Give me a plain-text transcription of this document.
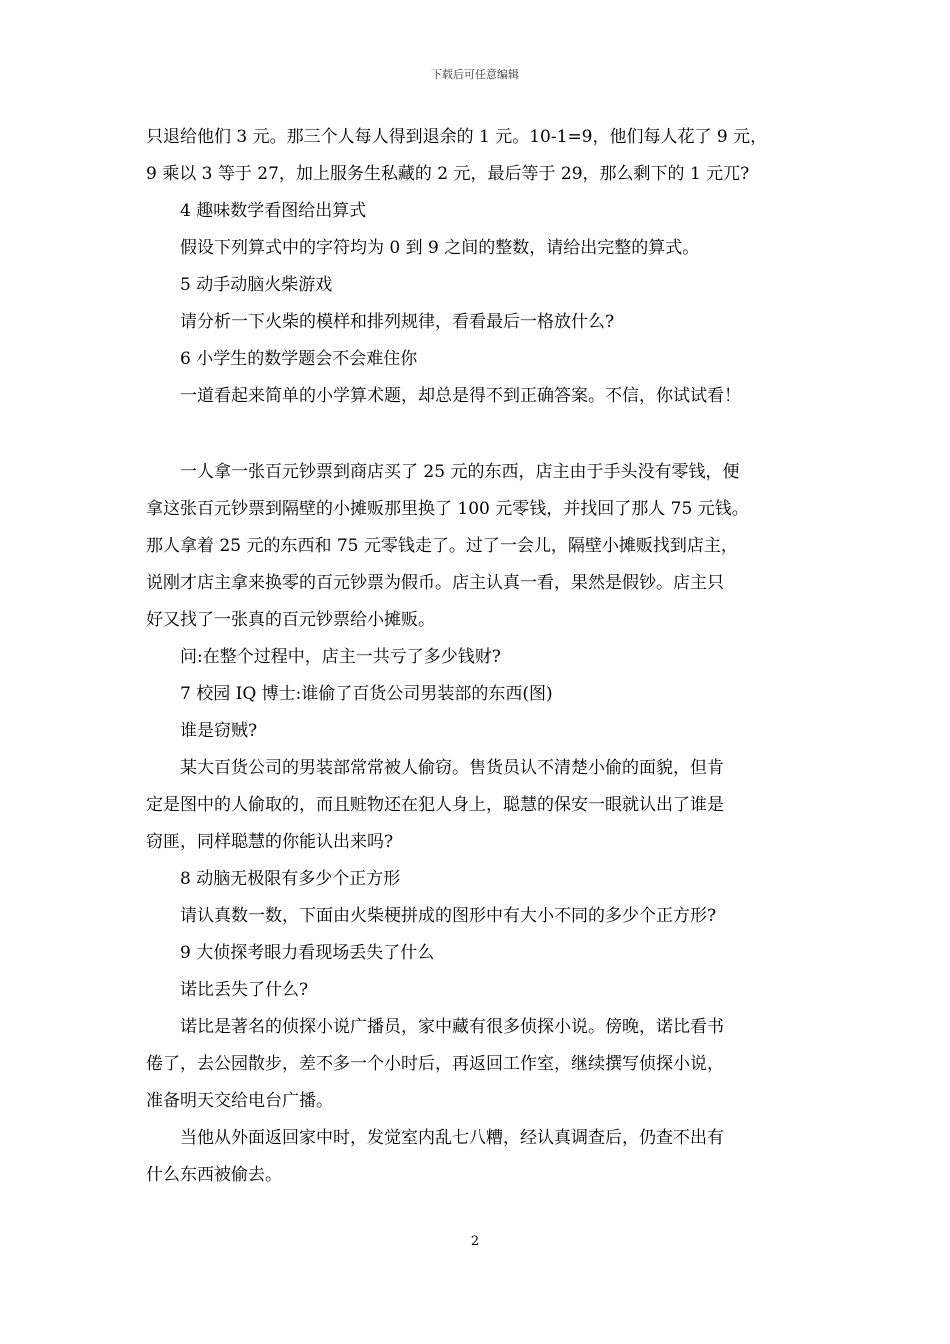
下载后可任意编辑
只退给他们 3 元。那三个人每人得到退余的 1 元。10-1=9，他们每人花了 9 元，
9 乘以 3 等于 27，加上服务生私藏的 2 元，最后等于 29，那么剩下的 1 元兀?
4 趣味数学看图给出算式
假设下列算式中的字符均为 0 到 9 之间的整数，请给出完整的算式。
5 动手动脑火柴游戏
请分析一下火柴的模样和排列规律，看看最后一格放什么?
6 小学生的数学题会不会难住你
一道看起来简单的小学算术题，却总是得不到正确答案。不信，你试试看！
一人拿一张百元钞票到商店买了 25 元的东西，店主由于手头没有零钱，便
拿这张百元钞票到隔壁的小摊贩那里换了 100 元零钱，并找回了那人 75 元钱。
那人拿着 25 元的东西和 75 元零钱走了。过了一会儿，隔壁小摊贩找到店主，
说刚才店主拿来换零的百元钞票为假币。店主认真一看，果然是假钞。店主只
好又找了一张真的百元钞票给小摊贩。
问:在整个过程中，店主一共亏了多少钱财?
7 校园 IQ 博士:谁偷了百货公司男装部的东西(图)
谁是窃贼?
某大百货公司的男装部常常被人偷窃。售货员认不清楚小偷的面貌，但肯
定是图中的人偷取的，而且赃物还在犯人身上，聪慧的保安一眼就认出了谁是
窃匪，同样聪慧的你能认出来吗?
8 动脑无极限有多少个正方形
请认真数一数，下面由火柴梗拼成的图形中有大小不同的多少个正方形?
9 大侦探考眼力看现场丢失了什么
诺比丢失了什么?
诺比是著名的侦探小说广播员，家中藏有很多侦探小说。傍晚，诺比看书
倦了，去公园散步，差不多一个小时后，再返回工作室，继续撰写侦探小说，
准备明天交给电台广播。
当他从外面返回家中时，发觉室内乱七八糟，经认真调查后，仍查不出有
什么东西被偷去。
2
